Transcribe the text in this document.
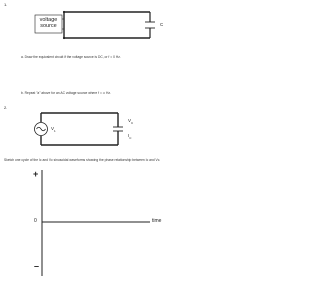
1.
voltage
source	C
a. Draw the equivalent circuit if the voltage source is DC, or f = 0 Hz.
b. Repeat "a" above for an AC voltage source where f = ∞ Hz.
2.
$V_1$
$V_C$
$I_C$
Sketch one cycle of the Iᴄ and Vᴄ sinusoidal waveforms showing the phase relationship between Iᴄ and Vᴄ.
+
0
–
time
